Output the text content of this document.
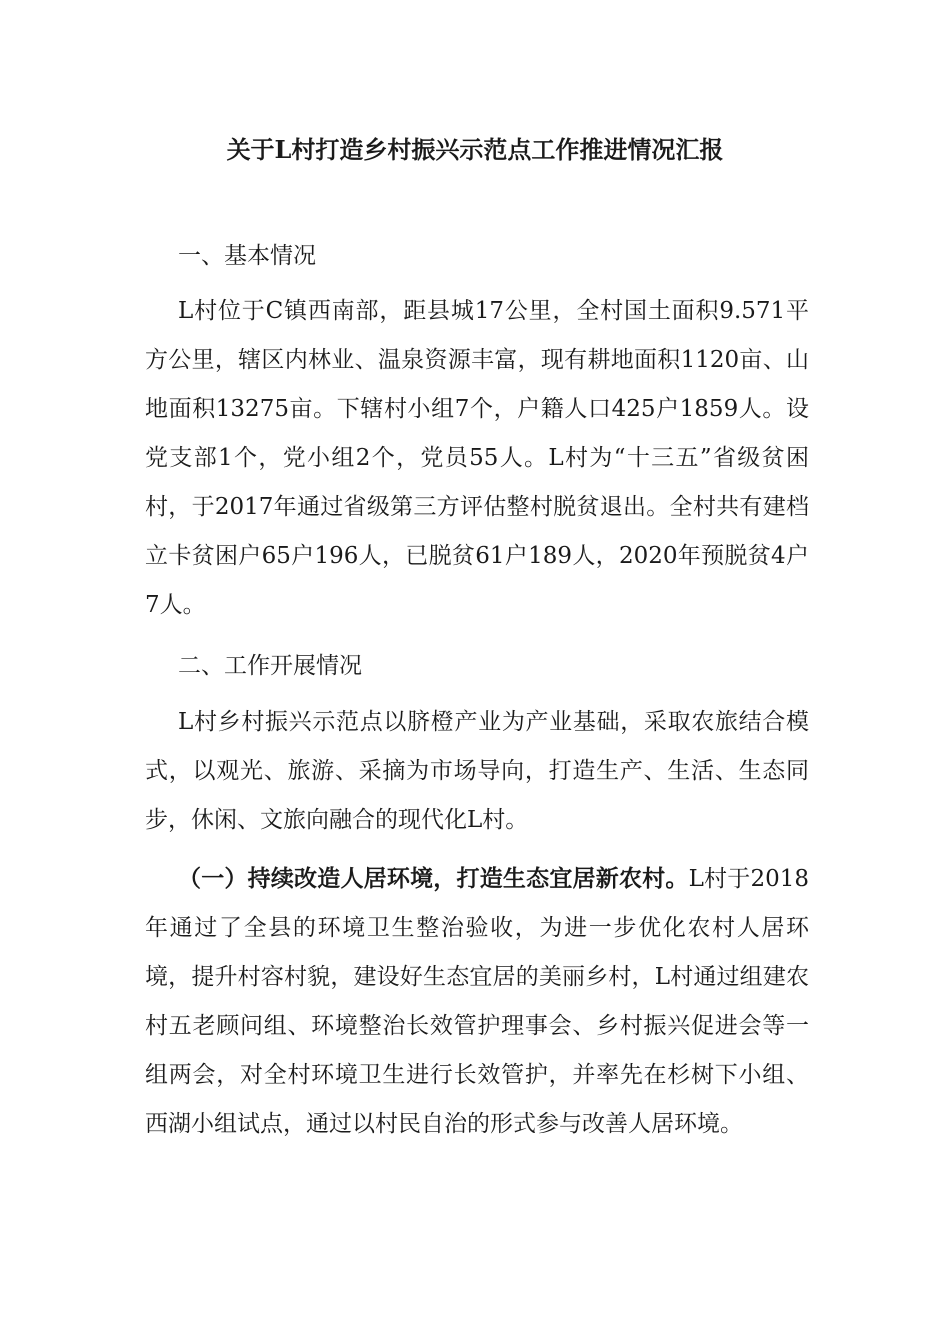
关于L村打造乡村振兴示范点工作推进情况汇报
一、基本情况

L村位于C镇西南部，距县城17公里，全村国土面积9.571平方公里，辖区内林业、温泉资源丰富，现有耕地面积1120亩、山地面积13275亩。下辖村小组7个，户籍人口425户1859人。设党支部1个，党小组2个，党员55人。L村为“十三五”省级贫困村，于2017年通过省级第三方评估整村脱贫退出。全村共有建档立卡贫困户65户196人，已脱贫61户189人，2020年预脱贫4户7人。

二、工作开展情况

L村乡村振兴示范点以脐橙产业为产业基础，采取农旅结合模式，以观光、旅游、采摘为市场导向，打造生产、生活、生态同步，休闲、文旅向融合的现代化L村。

（一）持续改造人居环境，打造生态宜居新农村。L村于2018年通过了全县的环境卫生整治验收，为进一步优化农村人居环境，提升村容村貌，建设好生态宜居的美丽乡村，L村通过组建农村五老顾问组、环境整治长效管护理事会、乡村振兴促进会等一组两会，对全村环境卫生进行长效管护，并率先在杉树下小组、西湖小组试点，通过以村民自治的形式参与改善人居环境。
